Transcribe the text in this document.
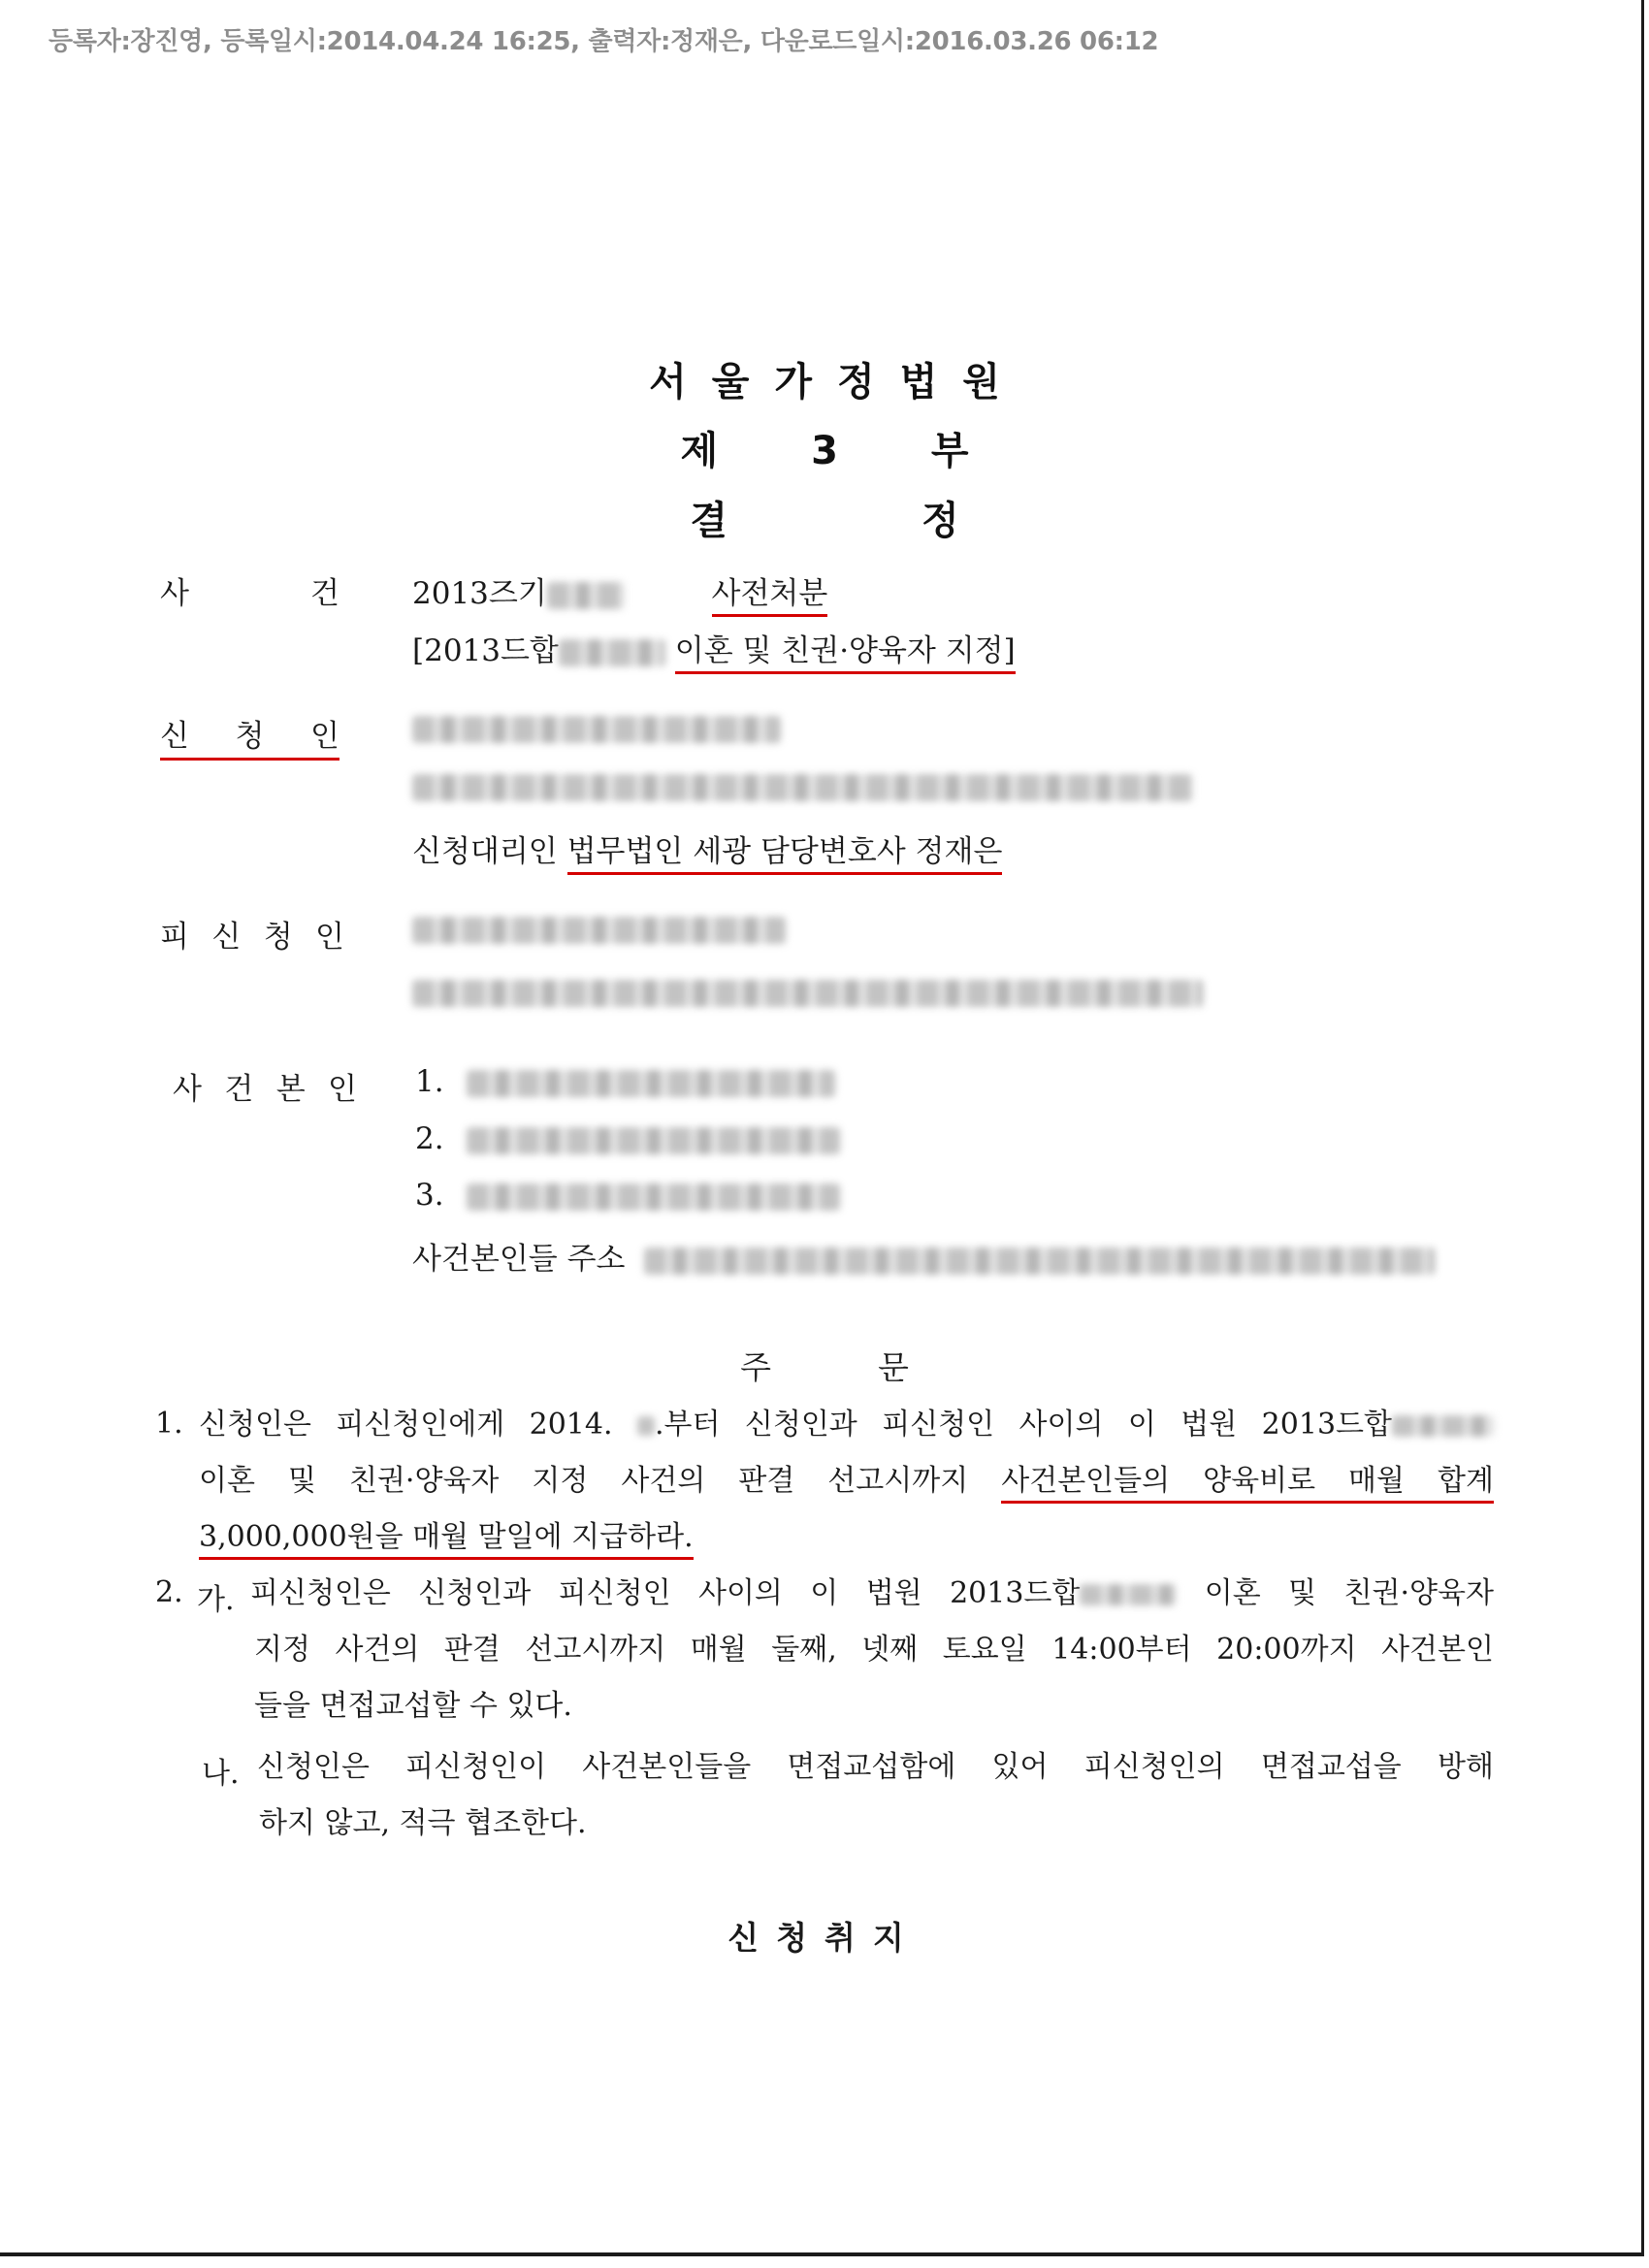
등록자:장진영, 등록일시:2014.04.24 16:25, 출력자:정재은, 다운로드일시:2016.03.26 06:12
서울가정법원
제 3 부
결	정
사	건 2013즈기	사전처분
[2013드합	이혼 및 친권·양육자 지정]
신 청 인
신청대리인 법무법인 세광 담당변호사 정재은
피 신 청 인
사 건 본 인 1.
2.
3.
사건본인들 주소
주	문
1. 신청인은 피신청인에게 2014. .부터 신청인과 피신청인 사이의 이 법원 2013드합
이혼 및 친권·양육자 지정 사건의 판결 선고시까지 사건본인들의 양육비로 매월 합계
3,000,000원을 매월 말일에 지급하라.
2. 가. 피신청인은 신청인과 피신청인 사이의 이 법원 2013드합	이혼 및 친권·양육자
지정 사건의 판결 선고시까지 매월 둘째, 넷째 토요일 14:00부터 20:00까지 사건본인
들을 면접교섭할 수 있다.
나. 신청인은 피신청인이 사건본인들을 면접교섭함에 있어 피신청인의 면접교섭을 방해
하지 않고, 적극 협조한다.
신청취지
